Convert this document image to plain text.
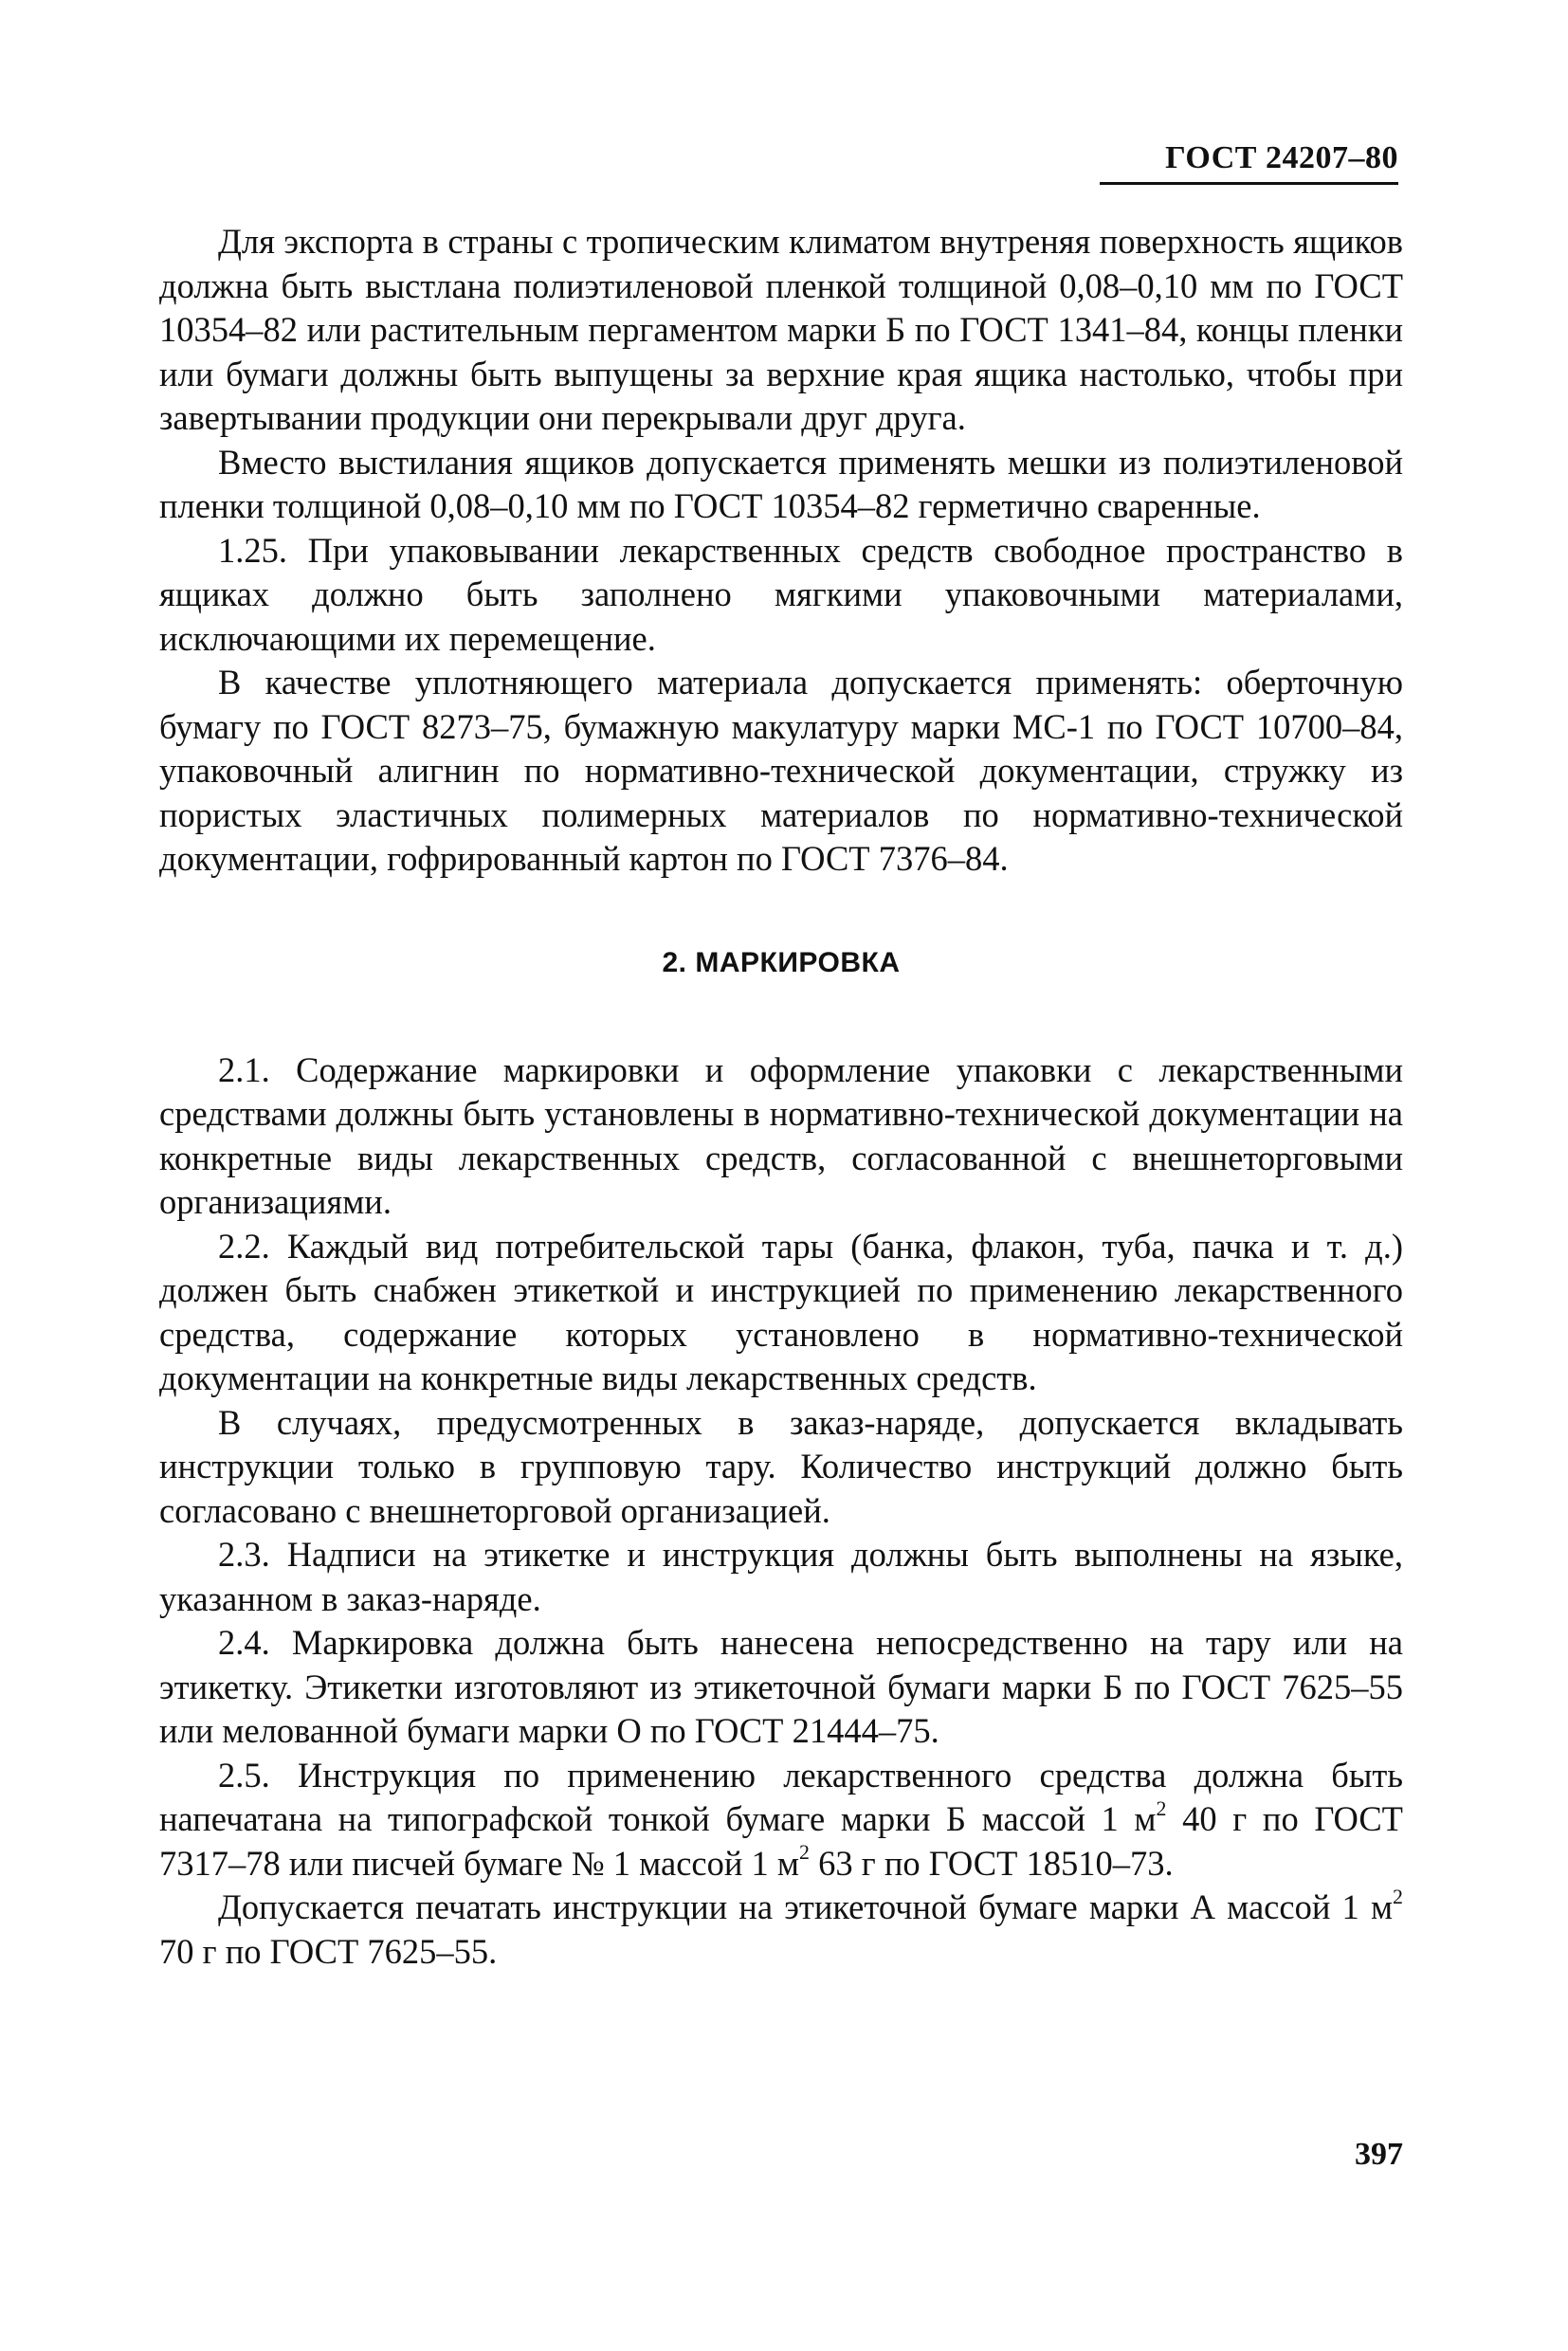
ГОСТ 24207–80

Для экспорта в страны с тропическим климатом внутреняя поверхность ящиков должна быть выстлана полиэтиленовой пленкой толщиной 0,08–0,10 мм по ГОСТ 10354–82 или растительным пергаментом марки Б по ГОСТ 1341–84, концы пленки или бумаги должны быть выпущены за верхние края ящика настолько, чтобы при завертывании продукции они перекрывали друг друга.

Вместо выстилания ящиков допускается применять мешки из полиэтиленовой пленки толщиной 0,08–0,10 мм по ГОСТ 10354–82 герметично сваренные.

1.25. При упаковывании лекарственных средств свободное пространство в ящиках должно быть заполнено мягкими упаковочными материалами, исключающими их перемещение.

В качестве уплотняющего материала допускается применять: оберточную бумагу по ГОСТ 8273–75, бумажную макулатуру марки МС-1 по ГОСТ 10700–84, упаковочный алигнин по нормативно-технической документации, стружку из пористых эластичных полимерных материалов по нормативно-технической документации, гофрированный картон по ГОСТ 7376–84.

2. МАРКИРОВКА

2.1. Содержание маркировки и оформление упаковки с лекарственными средствами должны быть установлены в нормативно-технической документации на конкретные виды лекарственных средств, согласованной с внешнеторговыми организациями.

2.2. Каждый вид потребительской тары (банка, флакон, туба, пачка и т. д.) должен быть снабжен этикеткой и инструкцией по применению лекарственного средства, содержание которых установлено в нормативно-технической документации на конкретные виды лекарственных средств.

В случаях, предусмотренных в заказ-наряде, допускается вкладывать инструкции только в групповую тару. Количество инструкций должно быть согласовано с внешнеторговой организацией.

2.3. Надписи на этикетке и инструкция должны быть выполнены на языке, указанном в заказ-наряде.

2.4. Маркировка должна быть нанесена непосредственно на тару или на этикетку. Этикетки изготовляют из этикеточной бумаги марки Б по ГОСТ 7625–55 или мелованной бумаги марки О по ГОСТ 21444–75.

2.5. Инструкция по применению лекарственного средства должна быть напечатана на типографской тонкой бумаге марки Б массой 1 $м^2$ 40 г по ГОСТ 7317–78 или писчей бумаге № 1 массой 1 $м^2$ 63 г по ГОСТ 18510–73.

Допускается печатать инструкции на этикеточной бумаге марки А массой 1 $м^2$ 70 г по ГОСТ 7625–55.

397
